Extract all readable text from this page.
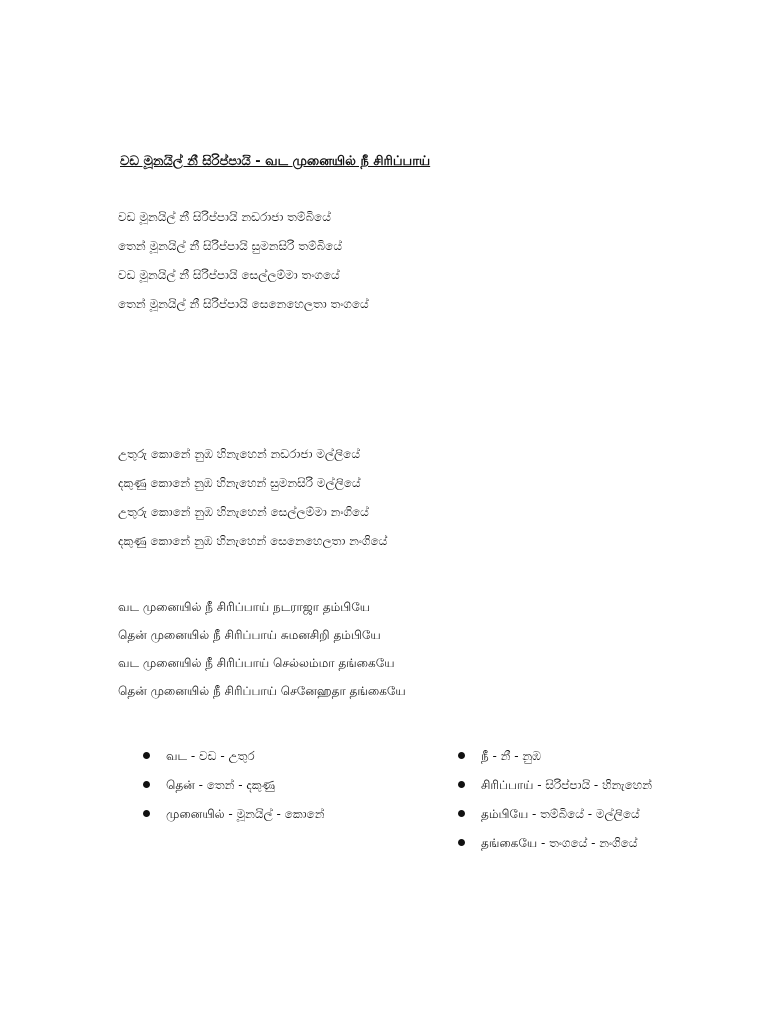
වඩ මූනයිල් නී සිරිප්පායි - வட முனையில் நீ சிரிப்பாய்
වඩ මූනයිල් නී සිරිප්පායි නඩරාජා තම්බියේ
තෙන් මූනයිල් නී සිරිප්පායි සුමනසිරි තම්බියේ
වඩ මූනයිල් නී සිරිප්පායි සෙල්ලම්මා තංගයේ
තෙන් මූනයිල් නී සිරිප්පායි සෙනෙහෙලතා තංගයේ
උතුරු කොනේ නුඹ හිනැහෙන් නඩරාජා මල්ලියේ
දකුණු කොනේ නුඹ හිනැහෙන් සුමනසිරි මල්ලියේ
උතුරු කොනේ නුඹ හිනැහෙන් සෙල්ලම්මා නංගියේ
දකුණු කොනේ නුඹ හිනැහෙන් සෙනෙහෙලතා නංගියේ
வட முனையில் நீ சிரிப்பாய் நடராஜா தம்பியே
தென் முனையில் நீ சிரிப்பாய் சுமனசிறி தம்பியே
வட முனையில் நீ சிரிப்பாய் செல்லம்மா தங்கையே
தென் முனையில் நீ சிரிப்பாய் செனேஹதா தங்கையே
வட - වඩ - උතුර
தென் - තෙන් - දකුණු
முனையில் - මූනයිල් - කොනේ
நீ - නී - නුඹ
சிரிப்பாய் - සිරිප්පායි - හිනැහෙන්
தம்பியே - තම්බියේ - මල්ලියේ
தங்கையே - තංගයේ - නංගියේ
